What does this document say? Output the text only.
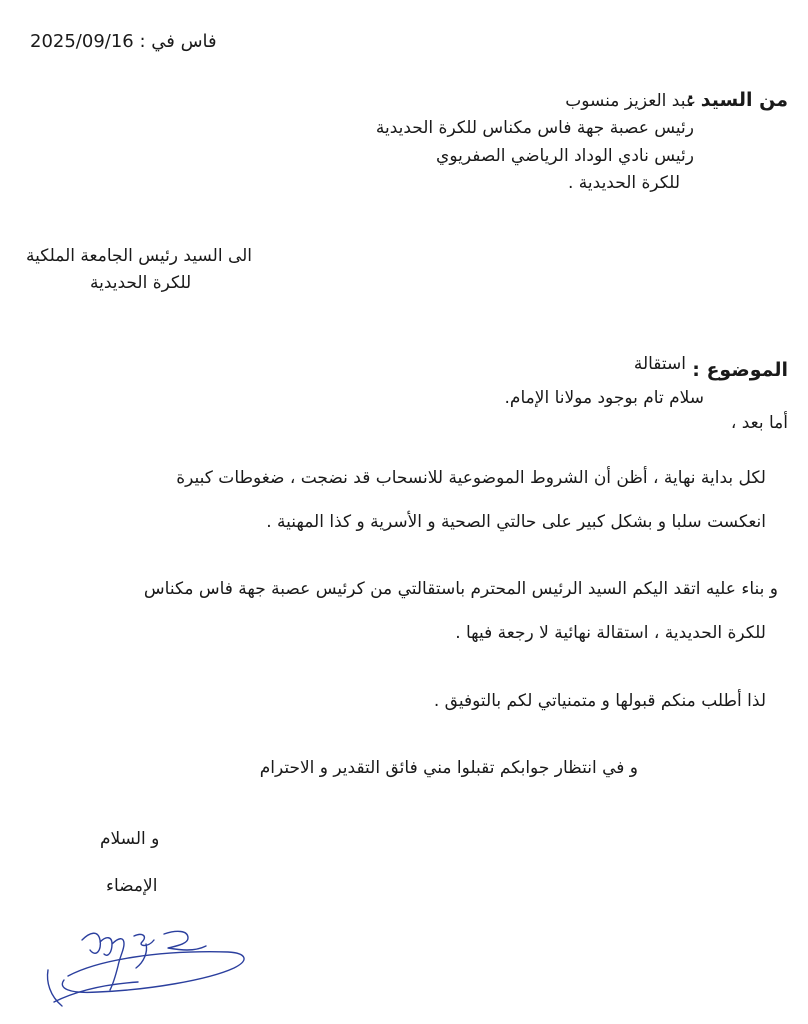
فاس في : 2025/09/16
من السيد :
عبد العزيز منسوب
رئيس عصبة جهة فاس مكناس للكرة الحديدية
رئيس نادي الوداد الرياضي الصفريوي
للكرة الحديدية .
الى السيد رئيس الجامعة الملكية
للكرة الحديدية
الموضوع :
استقالة
سلام تام بوجود مولانا الإمام.
أما بعد ،
لكل بداية نهاية ، أظن أن الشروط الموضوعية للانسحاب قد نضجت ، ضغوطات كبيرة
انعكست سلبا و بشكل كبير على حالتي الصحية و الأسرية و كذا المهنية .
و بناء عليه اتقد اليكم السيد الرئيس المحترم باستقالتي من كرئيس عصبة جهة فاس مكناس
للكرة الحديدية ، استقالة نهائية لا رجعة فيها .
لذا أطلب منكم قبولها و متمنياتي لكم بالتوفيق .
و في انتظار جوابكم تقبلوا مني فائق التقدير و الاحترام
و السلام
الإمضاء
